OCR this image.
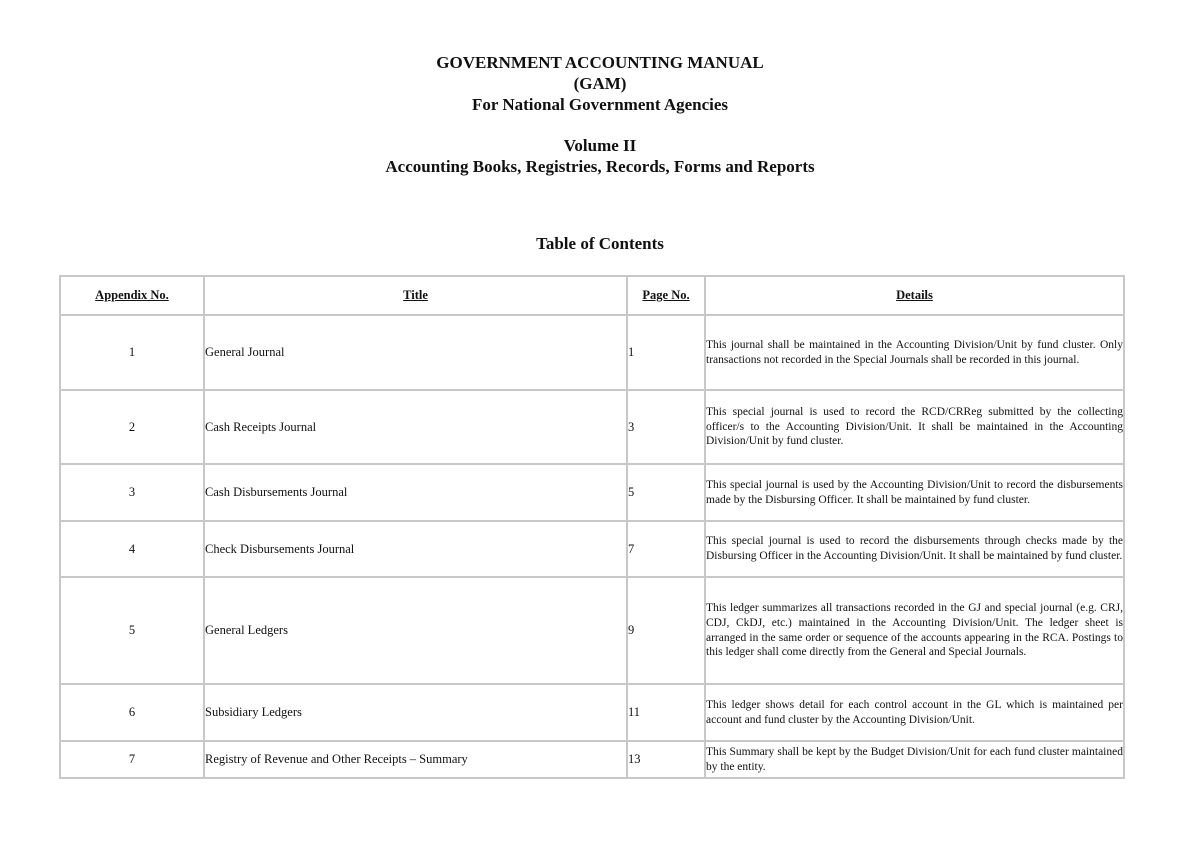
GOVERNMENT ACCOUNTING MANUAL
(GAM)
For National Government Agencies
Volume II
Accounting Books, Registries, Records, Forms and Reports
Table of Contents
Appendix No.	Title	Page No.	Details
1	General Journal	1	This journal shall be maintained in the Accounting Division/Unit by fund cluster. Only transactions not recorded in the Special Journals shall be recorded in this journal.
2	Cash Receipts Journal	3	This special journal is used to record the RCD/CRReg submitted by the collecting officer/s to the Accounting Division/Unit. It shall be maintained in the Accounting Division/Unit by fund cluster.
3	Cash Disbursements Journal	5	This special journal is used by the Accounting Division/Unit to record the disbursements made by the Disbursing Officer. It shall be maintained by fund cluster.
4	Check Disbursements Journal	7	This special journal is used to record the disbursements through checks made by the Disbursing Officer in the Accounting Division/Unit. It shall be maintained by fund cluster.
5	General Ledgers	9	This ledger summarizes all transactions recorded in the GJ and special journal (e.g. CRJ, CDJ, CkDJ, etc.) maintained in the Accounting Division/Unit. The ledger sheet is arranged in the same order or sequence of the accounts appearing in the RCA. Postings to this ledger shall come directly from the General and Special Journals.
6	Subsidiary Ledgers	11	This ledger shows detail for each control account in the GL which is maintained per account and fund cluster by the Accounting Division/Unit.
7	Registry of Revenue and Other Receipts – Summary	13	This Summary shall be kept by the Budget Division/Unit for each fund cluster maintained by the entity.
